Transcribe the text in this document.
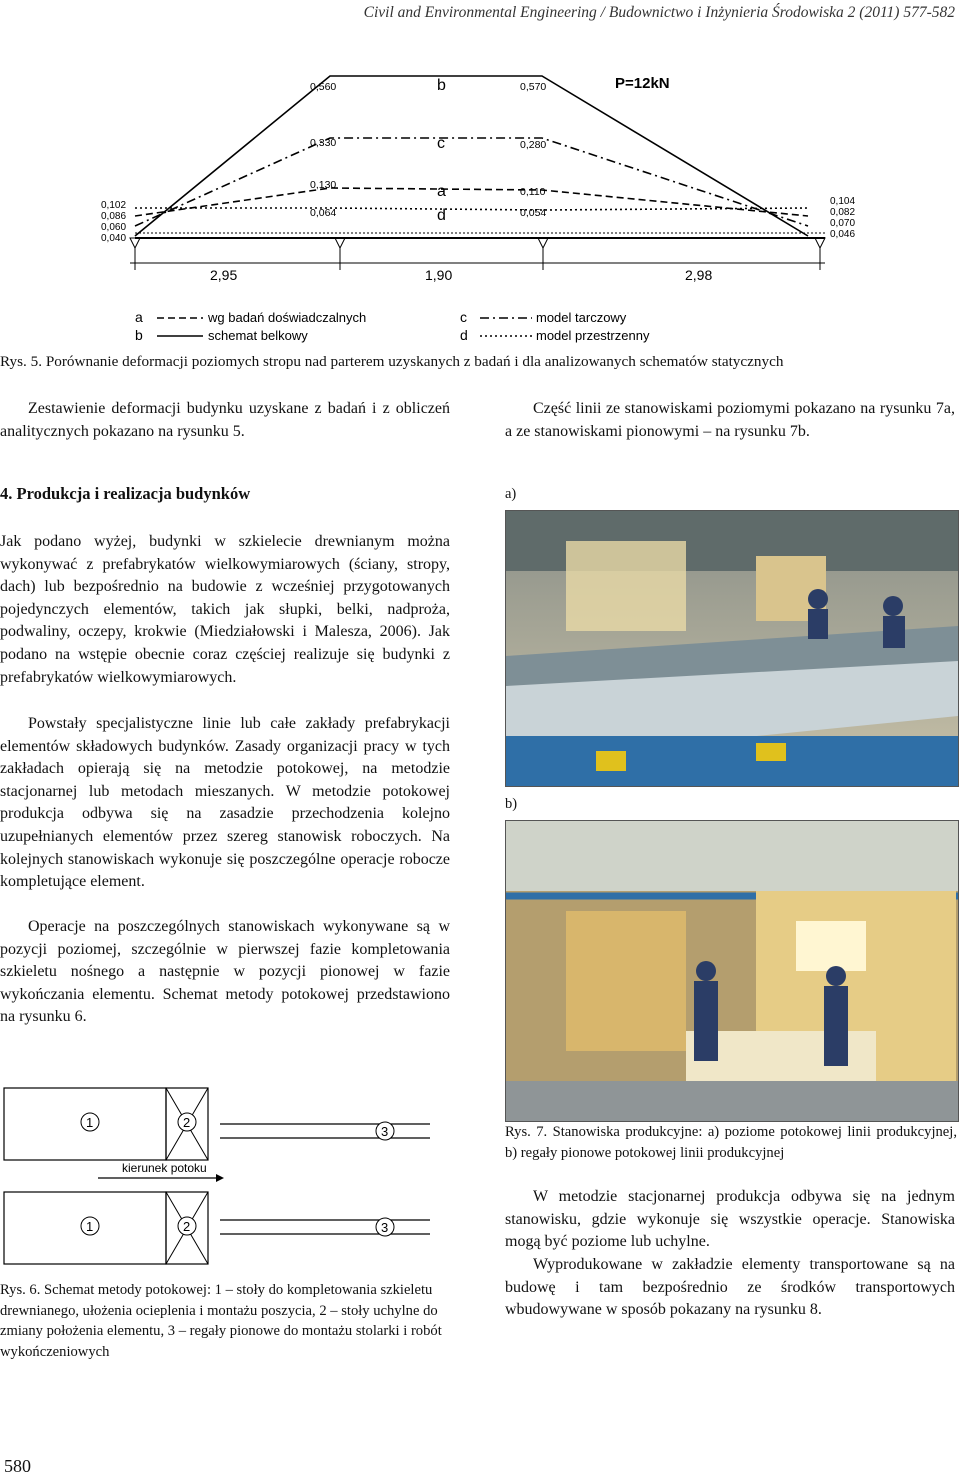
Civil and Environmental Engineering / Budownictwo i Inżynieria Środowiska 2 (2011) 577-582
P=12kN
b
c
a
d
0,560
0,330
0,130
0,064
0,570
0,280
0,110
0,054
0,102
0,086
0,060
0,040
0,104
0,082
0,070
0,046
2,95	1,90	2,98
a	wg badań doświadczalnych
b	schemat belkowy
c	model tarczowy
d	model przestrzenny
Rys. 5. Porównanie deformacji poziomych stropu nad parterem uzyskanych z badań i dla analizowanych schematów statycznych
Zestawienie deformacji budynku uzyskane z badań i z obliczeń analitycznych pokazano na rysunku 5.
4. Produkcja i realizacja budynków
Jak podano wyżej, budynki w szkielecie drewnianym można wykonywać z prefabrykatów wielkowymiarowych (ściany, stropy, dach) lub bezpośrednio na budowie z wcześniej przygotowanych pojedynczych elementów, takich jak słupki, belki, nadproża, podwaliny, oczepy, krokwie (Miedziałowski i Malesza, 2006). Jak podano na wstępie obecnie coraz częściej realizuje się budynki z prefabrykatów wielkowymiarowych.
Powstały specjalistyczne linie lub całe zakłady prefabrykacji elementów składowych budynków. Zasady organizacji pracy w tych zakładach opierają się na metodzie potokowej, na metodzie stacjonarnej lub metodach mieszanych. W metodzie potokowej produkcja odbywa się na zasadzie przechodzenia kolejno uzupełnianych elementów przez szereg stanowisk roboczych. Na kolejnych stanowiskach wykonuje się poszczególne operacje robocze kompletujące element.
Operacje na poszczególnych stanowiskach wykonywane są w pozycji poziomej, szczególnie w pierwszej fazie kompletowania szkieletu nośnego a następnie w pozycji pionowej w fazie wykończania elementu. Schemat metody potokowej przedstawiono na rysunku 6.
1	2
3
kierunek potoku
1	2	3
Rys. 6. Schemat metody potokowej: 1 – stoły do kompletowania szkieletu drewnianego, ułożenia ocieplenia i montażu poszycia, 2 – stoły uchylne do zmiany położenia elementu, 3 – regały pionowe do montażu stolarki i robót wykończeniowych
Część linii ze stanowiskami poziomymi pokazano na rysunku 7a, a ze stanowiskami pionowymi – na rysunku 7b.
a)
b)
Rys. 7. Stanowiska produkcyjne: a) poziome potokowej linii produkcyjnej, b) regały pionowe potokowej linii produkcyjnej
W metodzie stacjonarnej produkcja odbywa się na jednym stanowisku, gdzie wykonuje się wszystkie operacje. Stanowiska mogą być poziome lub uchylne.
Wyprodukowane w zakładzie elementy transportowane są na budowę i tam bezpośrednio ze środków transportowych wbudowywane w sposób pokazany na rysunku 8.
580
